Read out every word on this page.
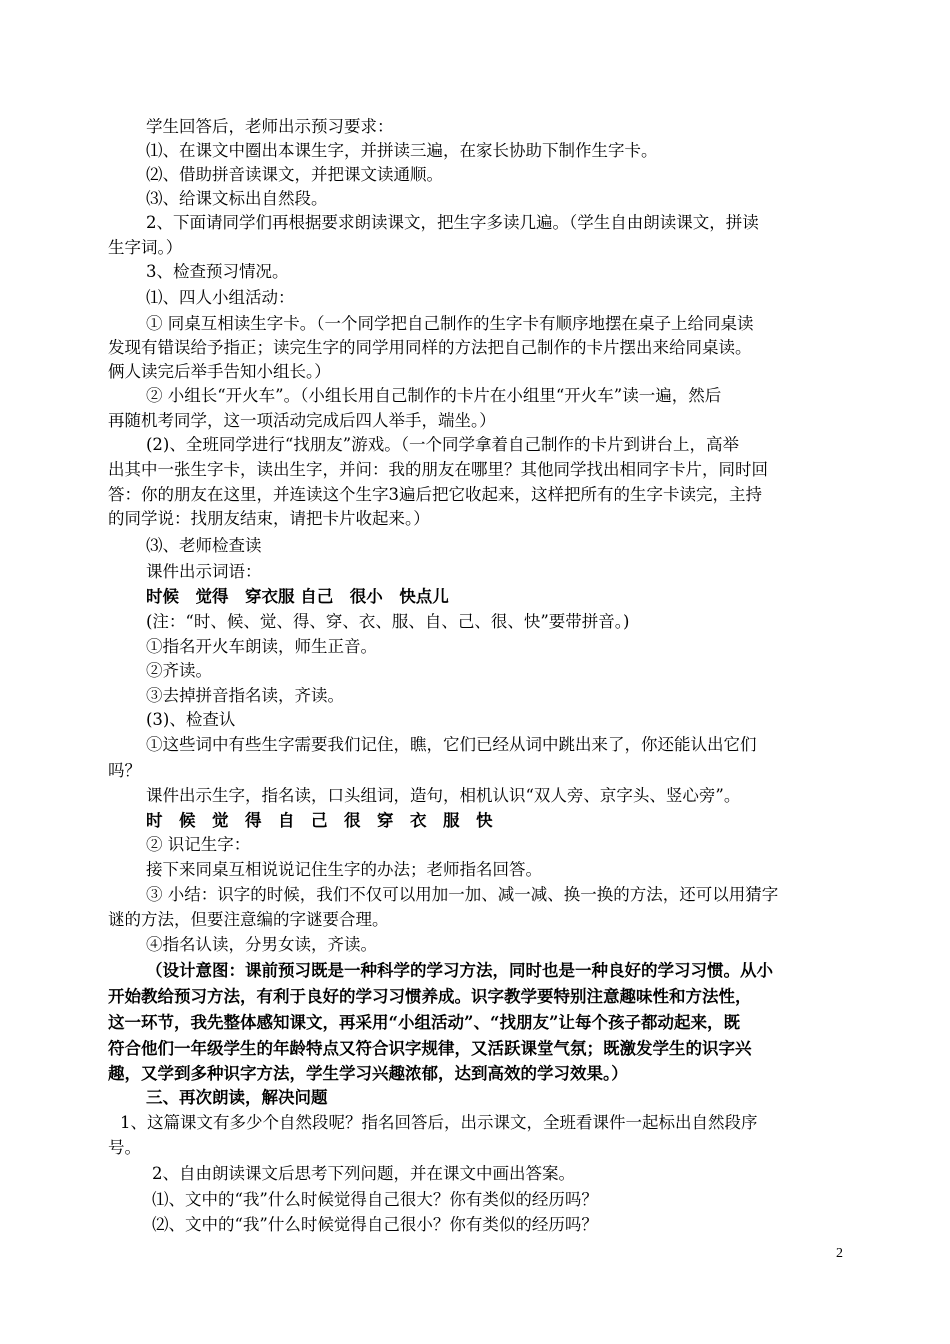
学生回答后，老师出示预习要求：
⑴、在课文中圈出本课生字，并拼读三遍，在家长协助下制作生字卡。
⑵、借助拼音读课文，并把课文读通顺。
⑶、给课文标出自然段。
2、下面请同学们再根据要求朗读课文，把生字多读几遍。（学生自由朗读课文，拼读
生字词。）
3、检查预习情况。
⑴、四人小组活动：
① 同桌互相读生字卡。（一个同学把自己制作的生字卡有顺序地摆在桌子上给同桌读
发现有错误给予指正；读完生字的同学用同样的方法把自己制作的卡片摆出来给同桌读。
俩人读完后举手告知小组长。）
② 小组长“开火车”。（小组长用自己制作的卡片在小组里“开火车”读一遍，然后
再随机考同学，这一项活动完成后四人举手，端坐。）
(2)、全班同学进行“找朋友”游戏。（一个同学拿着自己制作的卡片到讲台上，高举
出其中一张生字卡，读出生字，并问：我的朋友在哪里？其他同学找出相同字卡片，同时回
答：你的朋友在这里，并连读这个生字3遍后把它收起来，这样把所有的生字卡读完，主持
的同学说：找朋友结束，请把卡片收起来。）
⑶、老师检查读
课件出示词语：
时候　觉得　穿衣服 自己　很小　快点儿
(注：“时、候、觉、得、穿、衣、服、自、己、很、快”要带拼音。)
①指名开火车朗读，师生正音。
②齐读。
③去掉拼音指名读，齐读。
(3)、检查认
①这些词中有些生字需要我们记住，瞧，它们已经从词中跳出来了，你还能认出它们
吗？
课件出示生字，指名读，口头组词，造句，相机认识“双人旁、京字头、竖心旁”。
时　候　觉　得　自　己　很　穿　衣　服　快
② 识记生字：
接下来同桌互相说说记住生字的办法；老师指名回答。
③ 小结：识字的时候，我们不仅可以用加一加、减一减、换一换的方法，还可以用猜字
谜的方法，但要注意编的字谜要合理。
④指名认读，分男女读，齐读。
（设计意图：课前预习既是一种科学的学习方法，同时也是一种良好的学习习惯。从小
开始教给预习方法，有利于良好的学习习惯养成。识字教学要特别注意趣味性和方法性，
这一环节，我先整体感知课文，再采用“小组活动”、“找朋友”让每个孩子都动起来，既
符合他们一年级学生的年龄特点又符合识字规律，又活跃课堂气氛；既激发学生的识字兴
趣，又学到多种识字方法，学生学习兴趣浓郁，达到高效的学习效果。）
三、再次朗读，解决问题
1、这篇课文有多少个自然段呢？指名回答后，出示课文，全班看课件一起标出自然段序
号。
2、自由朗读课文后思考下列问题，并在课文中画出答案。
⑴、文中的“我”什么时候觉得自己很大？你有类似的经历吗？
⑵、文中的“我”什么时候觉得自己很小？你有类似的经历吗？
2
